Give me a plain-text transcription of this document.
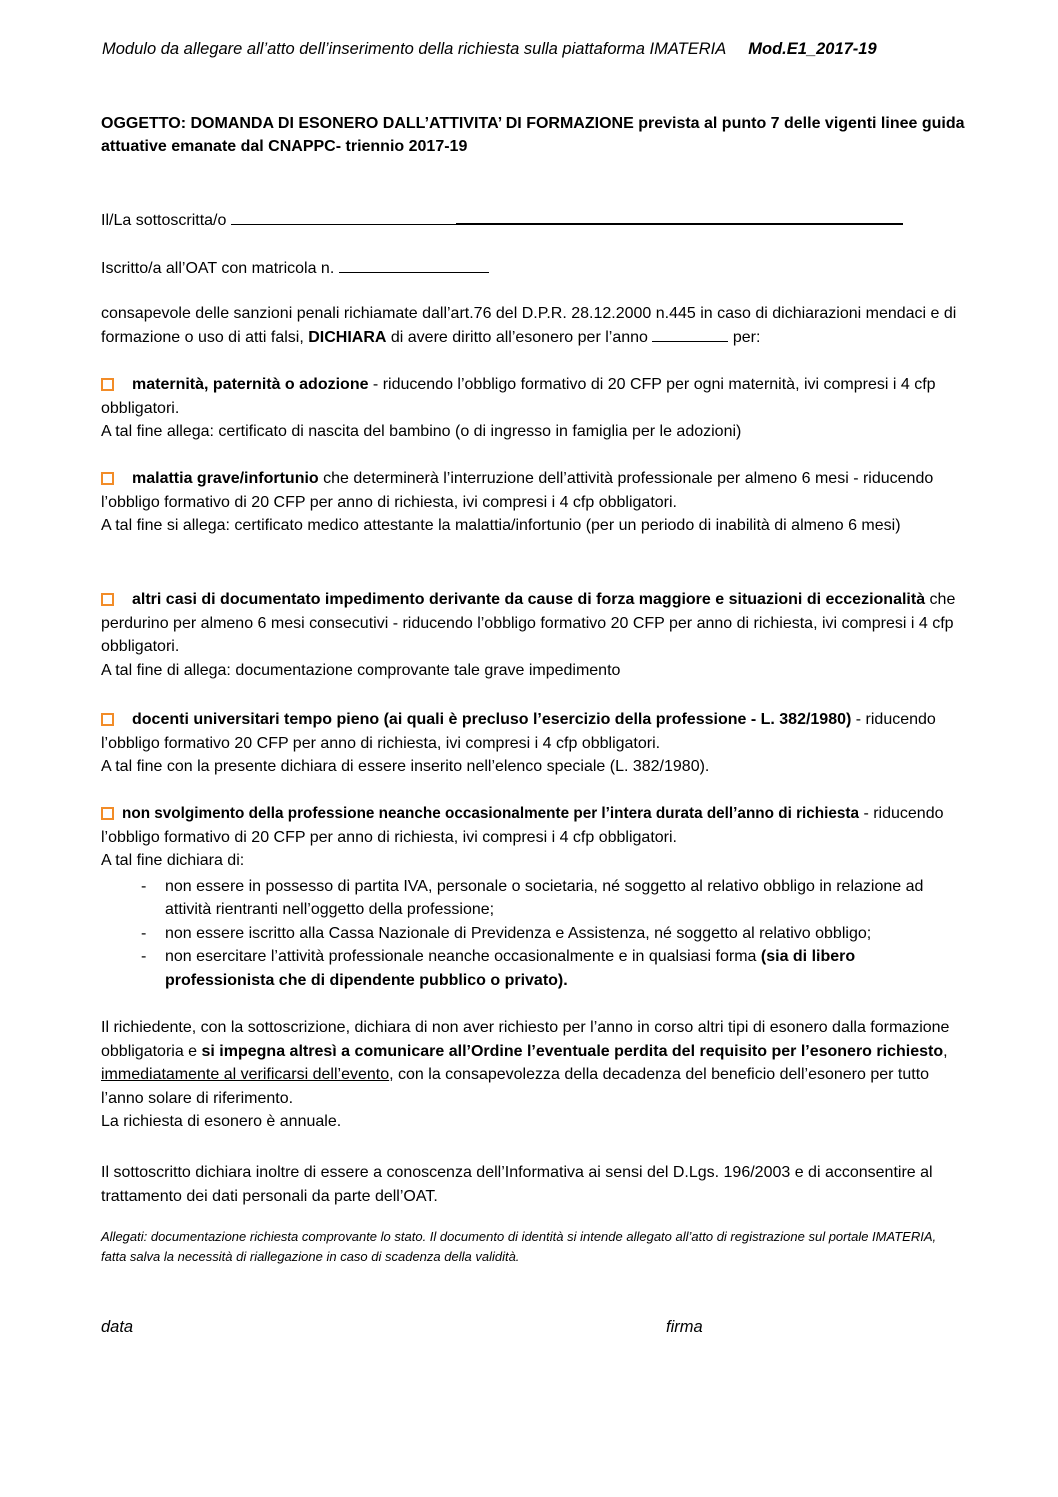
Modulo da allegare all’atto dell’inserimento della richiesta sulla piattaforma IMATERIA Mod.E1_2017-19
OGGETTO: DOMANDA DI ESONERO DALL’ATTIVITA’ DI FORMAZIONE prevista al punto 7 delle vigenti linee guida attuative emanate dal CNAPPC- triennio 2017-19
Il/La sottoscritta/o
Iscritto/a all’OAT con matricola n.
consapevole delle sanzioni penali richiamate dall’art.76 del D.P.R. 28.12.2000 n.445 in caso di dichiarazioni mendaci e di formazione o uso di atti falsi, DICHIARA di avere diritto all’esonero per l’anno	per:
maternità, paternità o adozione - riducendo l’obbligo formativo di 20 CFP per ogni maternità, ivi compresi i 4 cfp obbligatori.
A tal fine allega: certificato di nascita del bambino (o di ingresso in famiglia per le adozioni)
malattia grave/infortunio che determinerà l’interruzione dell’attività professionale per almeno 6 mesi - riducendo l’obbligo formativo di 20 CFP per anno di richiesta, ivi compresi i 4 cfp obbligatori.
A tal fine si allega: certificato medico attestante la malattia/infortunio (per un periodo di inabilità di almeno 6 mesi)
altri casi di documentato impedimento derivante da cause di forza maggiore e situazioni di eccezionalità che perdurino per almeno 6 mesi consecutivi - riducendo l’obbligo formativo 20 CFP per anno di richiesta, ivi compresi i 4 cfp obbligatori.
A tal fine di allega: documentazione comprovante tale grave impedimento
docenti universitari tempo pieno (ai quali è precluso l’esercizio della professione - L. 382/1980) - riducendo l’obbligo formativo 20 CFP per anno di richiesta, ivi compresi i 4 cfp obbligatori.
A tal fine con la presente dichiara di essere inserito nell’elenco speciale (L. 382/1980).
non svolgimento della professione neanche occasionalmente per l’intera durata dell’anno di richiesta - riducendo l’obbligo formativo di 20 CFP per anno di richiesta, ivi compresi i 4 cfp obbligatori.
A tal fine dichiara di:
- non essere in possesso di partita IVA, personale o societaria, né soggetto al relativo obbligo in relazione ad attività rientranti nell’oggetto della professione;
- non essere iscritto alla Cassa Nazionale di Previdenza e Assistenza, né soggetto al relativo obbligo;
- non esercitare l’attività professionale neanche occasionalmente e in qualsiasi forma (sia di libero professionista che di dipendente pubblico o privato).
Il richiedente, con la sottoscrizione, dichiara di non aver richiesto per l’anno in corso altri tipi di esonero dalla formazione obbligatoria e si impegna altresì a comunicare all’Ordine l’eventuale perdita del requisito per l’esonero richiesto, immediatamente al verificarsi dell’evento, con la consapevolezza della decadenza del beneficio dell’esonero per tutto l’anno solare di riferimento.
La richiesta di esonero è annuale.
Il sottoscritto dichiara inoltre di essere a conoscenza dell’Informativa ai sensi del D.Lgs. 196/2003 e di acconsentire al trattamento dei dati personali da parte dell’OAT.
Allegati: documentazione richiesta comprovante lo stato. Il documento di identità si intende allegato all’atto di registrazione sul portale IMATERIA, fatta salva la necessità di riallegazione in caso di scadenza della validità.
data	firma
